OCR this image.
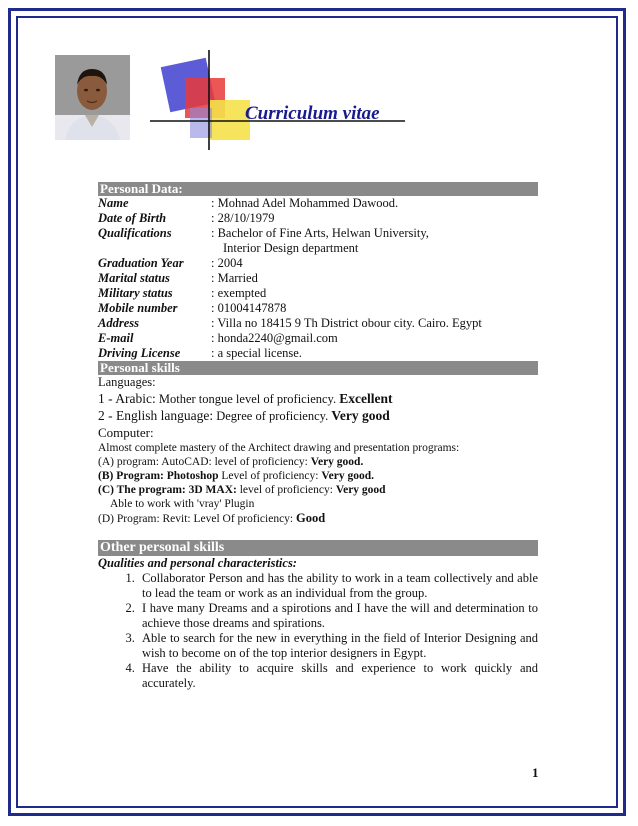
Curriculum vitae
Personal Data:
Name	: Mohnad Adel Mohammed Dawood.
Date of Birth	: 28/10/1979
Qualifications	: Bachelor of Fine Arts, Helwan University,
Interior Design department

Graduation Year	: 2004
Marital status	: Married
Military status	: exempted
Mobile number	: 01004147878
Address	: Villa no 18415 9 Th District obour city. Cairo. Egypt
E-mail	: honda2240@gmail.com
Driving License	: a special license.
Personal skills
Languages:
1 - Arabic: Mother tongue level of proficiency. Excellent
2 - English language: Degree of proficiency. Very good
Computer:
Almost complete mastery of the Architect drawing and presentation programs:
(A) program: AutoCAD: level of proficiency: Very good.
(B) Program: Photoshop Level of proficiency: Very good.
(C) The program: 3D MAX: level of proficiency: Very good
Able to work with 'vray' Plugin
(D) Program: Revit: Level Of proficiency: Good
Other personal skills
Qualities and personal characteristics:
1. Collaborator Person and has the ability to work in a team collectively and able to lead the team or work as an individual from the group.
2. I have many Dreams and a spirotions and I have the will and determination to achieve those dreams and spirations.
3. Able to search for the new in everything in the field of Interior Designing and wish to become on of the top interior designers in Egypt.
4. Have the ability to acquire skills and experience to work quickly and accurately.
1
